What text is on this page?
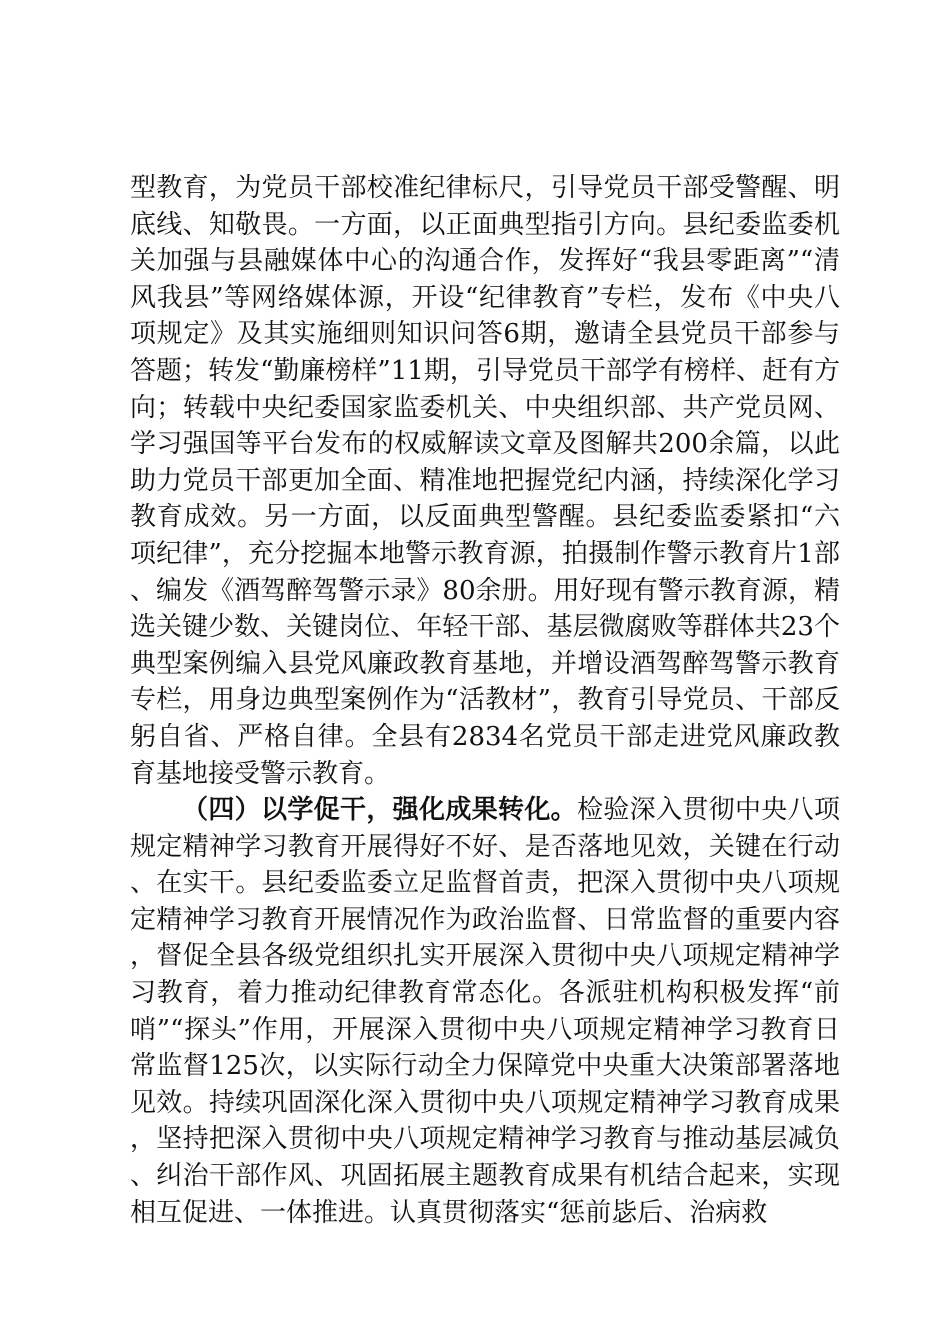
型教育，为党员干部校准纪律标尺，引导党员干部受警醒、明底线、知敬畏。一方面，以正面典型指引方向。县纪委监委机关加强与县融媒体中心的沟通合作，发挥好“我县零距离”“清风我县”等网络媒体源，开设“纪律教育”专栏，发布《中央八项规定》及其实施细则知识问答6期，邀请全县党员干部参与答题；转发“勤廉榜样”11期，引导党员干部学有榜样、赶有方向；转载中央纪委国家监委机关、中央组织部、共产党员网、学习强国等平台发布的权威解读文章及图解共200余篇，以此助力党员干部更加全面、精准地把握党纪内涵，持续深化学习教育成效。另一方面，以反面典型警醒。县纪委监委紧扣“六项纪律”，充分挖掘本地警示教育源，拍摄制作警示教育片1部、编发《酒驾醉驾警示录》80余册。用好现有警示教育源，精选关键少数、关键岗位、年轻干部、基层微腐败等群体共23个典型案例编入县党风廉政教育基地，并增设酒驾醉驾警示教育专栏，用身边典型案例作为“活教材”，教育引导党员、干部反躬自省、严格自律。全县有2834名党员干部走进党风廉政教育基地接受警示教育。

（四）以学促干，强化成果转化。检验深入贯彻中央八项规定精神学习教育开展得好不好、是否落地见效，关键在行动、在实干。县纪委监委立足监督首责，把深入贯彻中央八项规定精神学习教育开展情况作为政治监督、日常监督的重要内容，督促全县各级党组织扎实开展深入贯彻中央八项规定精神学习教育，着力推动纪律教育常态化。各派驻机构积极发挥“前哨”“探头”作用，开展深入贯彻中央八项规定精神学习教育日常监督125次，以实际行动全力保障党中央重大决策部署落地见效。持续巩固深化深入贯彻中央八项规定精神学习教育成果，坚持把深入贯彻中央八项规定精神学习教育与推动基层减负、纠治干部作风、巩固拓展主题教育成果有机结合起来，实现相互促进、一体推进。认真贯彻落实“惩前毖后、治病救
